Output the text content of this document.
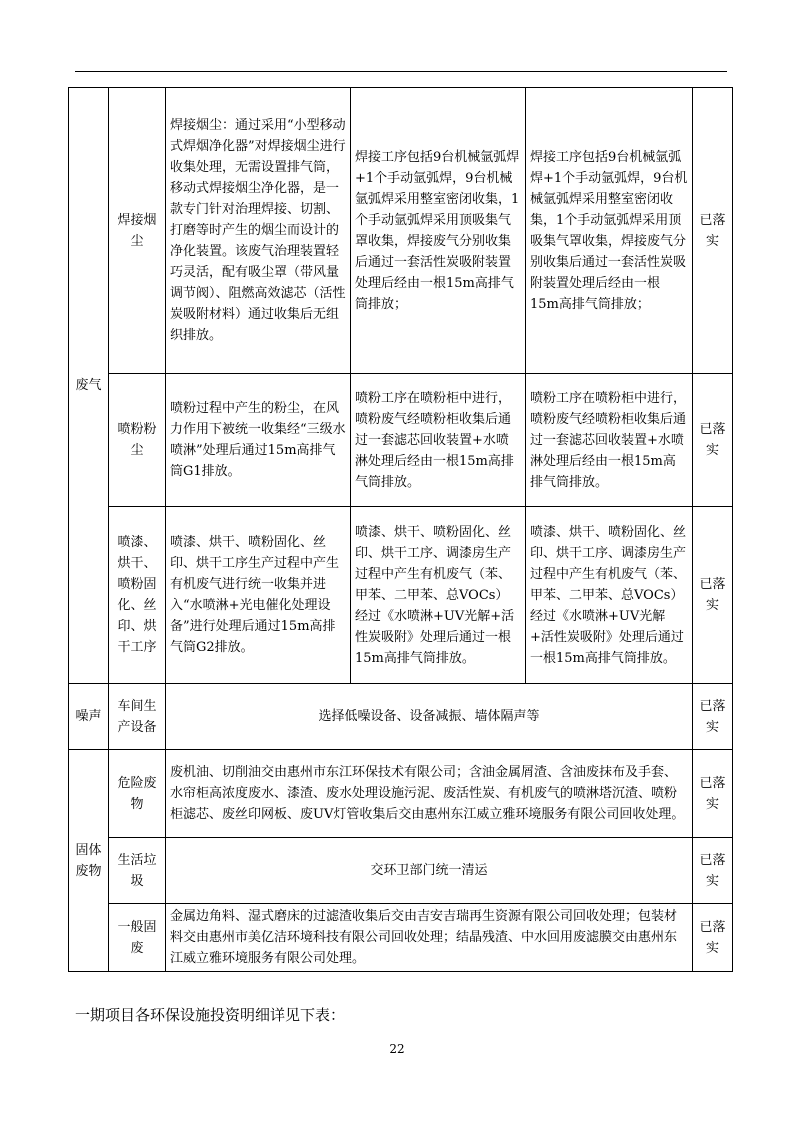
废气	焊接烟尘	焊接烟尘：通过采用“小型移动式焊烟净化器”对焊接烟尘进行收集处理，无需设置排气筒，移动式焊接烟尘净化器，是一款专门针对治理焊接、切割、打磨等时产生的烟尘而设计的净化装置。该废气治理装置轻巧灵活，配有吸尘罩（带风量调节阀）、阻燃高效滤芯（活性炭吸附材料）通过收集后无组织排放。	焊接工序包括9台机械氩弧焊+1个手动氩弧焊，9台机械氩弧焊采用整室密闭收集，1个手动氩弧焊采用顶吸集气罩收集，焊接废气分别收集后通过一套活性炭吸附装置处理后经由一根15m高排气筒排放；	焊接工序包括9台机械氩弧焊+1个手动氩弧焊，9台机械氩弧焊采用整室密闭收集，1个手动氩弧焊采用顶吸集气罩收集，焊接废气分别收集后通过一套活性炭吸附装置处理后经由一根15m高排气筒排放；	已落实
	喷粉粉尘	喷粉过程中产生的粉尘，在风力作用下被统一收集经“三级水喷淋”处理后通过15m高排气筒G1排放。	喷粉工序在喷粉柜中进行，喷粉废气经喷粉柜收集后通过一套滤芯回收装置+水喷淋处理后经由一根15m高排气筒排放。	喷粉工序在喷粉柜中进行，喷粉废气经喷粉柜收集后通过一套滤芯回收装置+水喷淋处理后经由一根15m高排气筒排放。	已落实
	喷漆、烘干、喷粉固化、丝印、烘干工序	喷漆、烘干、喷粉固化、丝印、烘干工序生产过程中产生有机废气进行统一收集并进入“水喷淋+光电催化处理设备”进行处理后通过15m高排气筒G2排放。	喷漆、烘干、喷粉固化、丝印、烘干工序、调漆房生产过程中产生有机废气（苯、甲苯、二甲苯、总VOCs）经过《水喷淋+UV光解+活性炭吸附》处理后通过一根15m高排气筒排放。	喷漆、烘干、喷粉固化、丝印、烘干工序、调漆房生产过程中产生有机废气（苯、甲苯、二甲苯、总VOCs）经过《水喷淋+UV光解+活性炭吸附》处理后通过一根15m高排气筒排放。	已落实
噪声	车间生产设备	选择低噪设备、设备减振、墙体隔声等			已落实
固体废物	危险废物	废机油、切削油交由惠州市东江环保技术有限公司；含油金属屑渣、含油废抹布及手套、水帘柜高浓度废水、漆渣、废水处理设施污泥、废活性炭、有机废气的喷淋塔沉渣、喷粉柜滤芯、废丝印网板、废UV灯管收集后交由惠州东江威立雅环境服务有限公司回收处理。			已落实
	生活垃圾	交环卫部门统一清运			已落实
	一般固废	金属边角料、湿式磨床的过滤渣收集后交由吉安吉瑞再生资源有限公司回收处理；包装材料交由惠州市美亿洁环境科技有限公司回收处理；结晶残渣、中水回用废滤膜交由惠州东江威立雅环境服务有限公司处理。			已落实
一期项目各环保设施投资明细详见下表：
22
